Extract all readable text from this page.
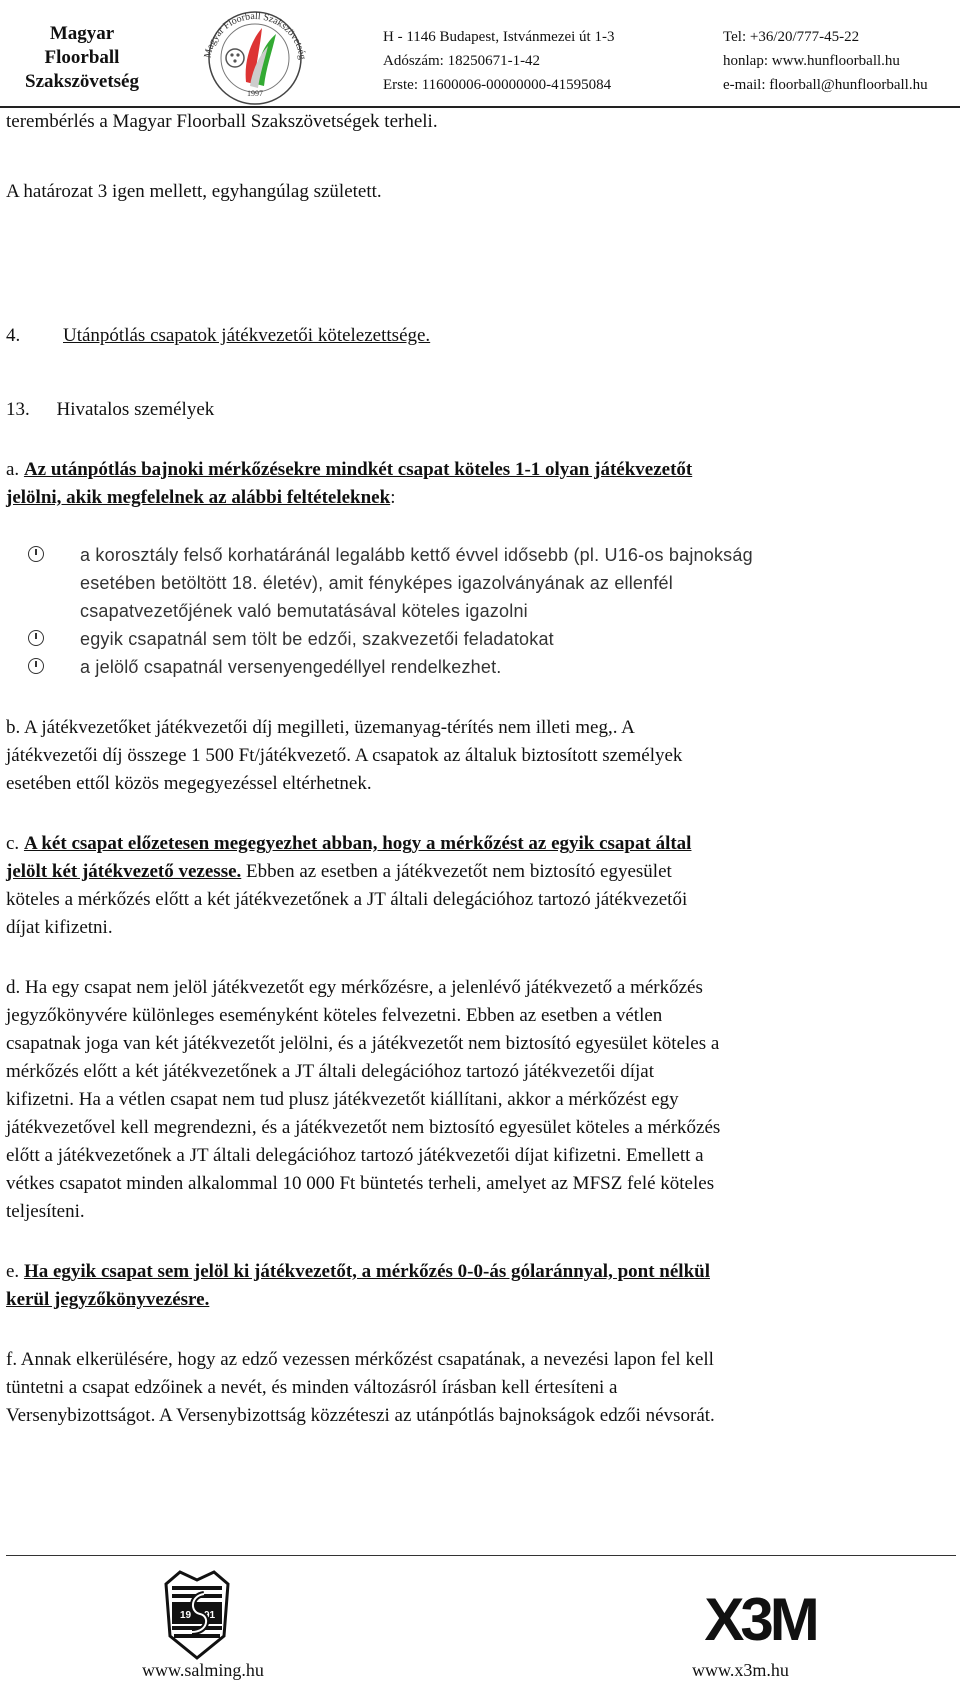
Magyar
Floorball
Szakszövetség
Magyar Floorball Szakszövetség
1997
H - 1146 Budapest, Istvánmezei út 1-3
Adószám: 18250671-1-42
Erste: 11600006-00000000-41595084
Tel: +36/20/777-45-22
honlap: www.hunfloorball.hu
e-mail: floorball@hunfloorball.hu
terembérlés a Magyar Floorball Szakszövetségek terheli.
A határozat 3 igen mellett, egyhangúlag született.
4. Utánpótlás csapatok játékvezetői kötelezettsége.
13. Hivatalos személyek
a. Az utánpótlás bajnoki mérkőzésekre mindkét csapat köteles 1-1 olyan játékvezetőt
jelölni, akik megfelelnek az alábbi feltételeknek:
a korosztály felső korhatáránál legalább kettő évvel idősebb (pl. U16-os bajnokság
esetében betöltött 18. életév), amit fényképes igazolványának az ellenfél
csapatvezetőjének való bemutatásával köteles igazolni
egyik csapatnál sem tölt be edzői, szakvezetői feladatokat
a jelölő csapatnál versenyengedéllyel rendelkezhet.
b. A játékvezetőket játékvezetői díj megilleti, üzemanyag-térítés nem illeti meg,. A
játékvezetői díj összege 1 500 Ft/játékvezető. A csapatok az általuk biztosított személyek
esetében ettől közös megegyezéssel eltérhetnek.
c. A két csapat előzetesen megegyezhet abban, hogy a mérkőzést az egyik csapat által
jelölt két játékvezető vezesse. Ebben az esetben a játékvezetőt nem biztosító egyesület
köteles a mérkőzés előtt a két játékvezetőnek a JT általi delegációhoz tartozó játékvezetői
díjat kifizetni.
d. Ha egy csapat nem jelöl játékvezetőt egy mérkőzésre, a jelenlévő játékvezető a mérkőzés
jegyzőkönyvére különleges eseményként köteles felvezetni. Ebben az esetben a vétlen
csapatnak joga van két játékvezetőt jelölni, és a játékvezetőt nem biztosító egyesület köteles a
mérkőzés előtt a két játékvezetőnek a JT általi delegációhoz tartozó játékvezetői díjat
kifizetni. Ha a vétlen csapat nem tud plusz játékvezetőt kiállítani, akkor a mérkőzést egy
játékvezetővel kell megrendezni, és a játékvezetőt nem biztosító egyesület köteles a mérkőzés
előtt a játékvezetőnek a JT általi delegációhoz tartozó játékvezetői díjat kifizetni. Emellett a
vétkes csapatot minden alkalommal 10 000 Ft büntetés terheli, amelyet az MFSZ felé köteles
teljesíteni.
e. Ha egyik csapat sem jelöl ki játékvezetőt, a mérkőzés 0-0-ás gólaránnyal, pont nélkül
kerül jegyzőkönyvezésre.
f. Annak elkerülésére, hogy az edző vezessen mérkőzést csapatának, a nevezési lapon fel kell
tüntetni a csapat edzőinek a nevét, és minden változásról írásban kell értesíteni a
Versenybizottságot. A Versenybizottság közzéteszi az utánpótlás bajnokságok edzői névsorát.
19 91
www.salming.hu
X3M
www.x3m.hu
